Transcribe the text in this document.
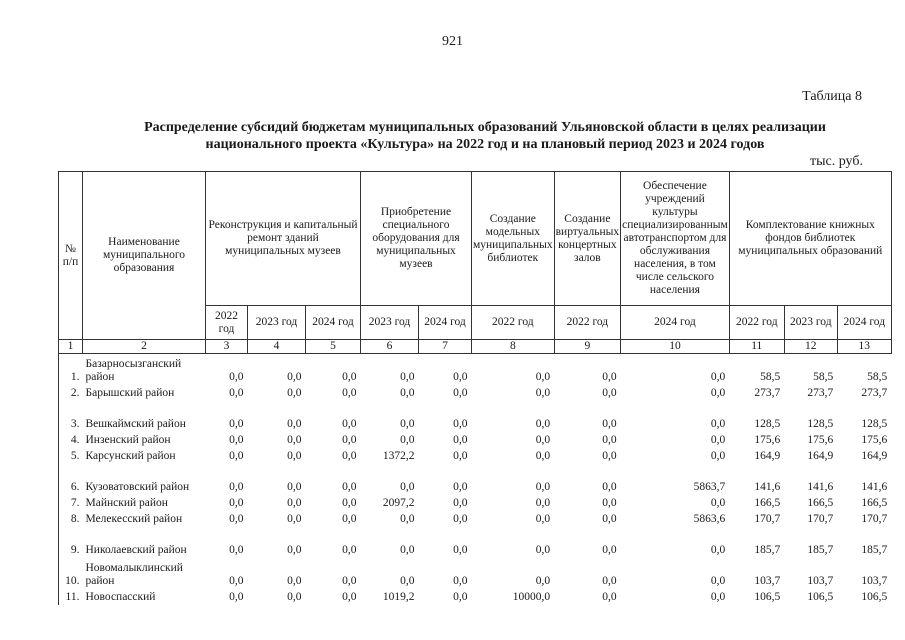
921
Таблица 8
Распределение субсидий бюджетам муниципальных образований Ульяновской области в целях реализации
национального проекта «Культура» на 2022 год и на плановый период 2023 и 2024 годов
тыс. руб.
№ п/п	Наименование муниципального образования	Реконструкция и капитальный ремонт зданий муниципальных музеев			Приобретение специального оборудования для муниципальных музеев		Создание модельных муниципальных библиотек	Создание виртуальных концертных залов	Обеспечение учреждений культуры специализированным автотранспортом для обслуживания населения, в том числе сельского населения	Комплектование книжных фондов библиотек муниципальных образований		
		2022 год	2023 год	2024 год	2023 год	2024 год	2022 год	2022 год	2024 год	2022 год	2023 год	2024 год
1	2	3	4	5	6	7	8	9	10	11	12	13
1.	Базарносызганский район	0,0	0,0	0,0	0,0	0,0	0,0	0,0	0,0	58,5	58,5	58,5
2.	Барышский район	0,0	0,0	0,0	0,0	0,0	0,0	0,0	0,0	273,7	273,7	273,7
3.	Вешкаймский район	0,0	0,0	0,0	0,0	0,0	0,0	0,0	0,0	128,5	128,5	128,5
4.	Инзенский район	0,0	0,0	0,0	0,0	0,0	0,0	0,0	0,0	175,6	175,6	175,6
5.	Карсунский район	0,0	0,0	0,0	1372,2	0,0	0,0	0,0	0,0	164,9	164,9	164,9
6.	Кузоватовский район	0,0	0,0	0,0	0,0	0,0	0,0	0,0	5863,7	141,6	141,6	141,6
7.	Майнский район	0,0	0,0	0,0	2097,2	0,0	0,0	0,0	0,0	166,5	166,5	166,5
8.	Мелекесский район	0,0	0,0	0,0	0,0	0,0	0,0	0,0	5863,6	170,7	170,7	170,7
9.	Николаевский район	0,0	0,0	0,0	0,0	0,0	0,0	0,0	0,0	185,7	185,7	185,7
10.	Новомалыклинский район	0,0	0,0	0,0	0,0	0,0	0,0	0,0	0,0	103,7	103,7	103,7
11.	Новоспасский	0,0	0,0	0,0	1019,2	0,0	10000,0	0,0	0,0	106,5	106,5	106,5
